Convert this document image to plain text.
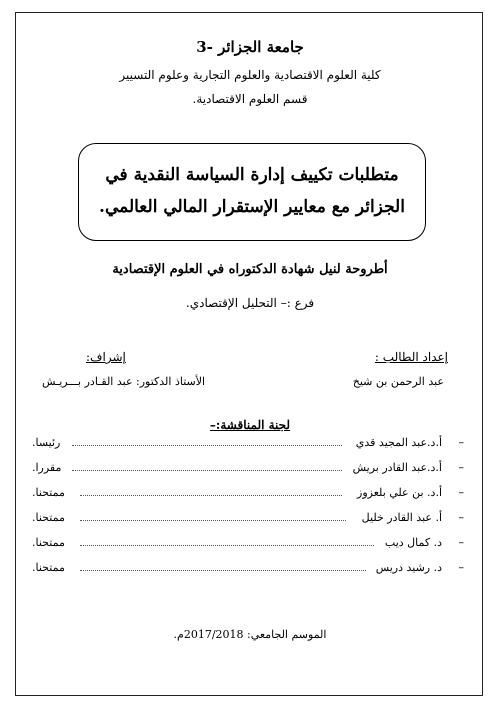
جامعة الجزائر -3
كلية العلوم الاقتصادية والعلوم التجارية وعلوم التسيير
قسم العلوم الاقتصادية.
متطلبات تكييف إدارة السياسة النقدية في
الجزائر مع معايير الإستقرار المالي العالمي.
أطروحة لنيل شهادة الدكتوراه في العلوم الإقتصادية
فرع :– التحليل الإقتصادي.
إعداد الطالب :
عبد الرحمن بن شيخ
إشراف:
الأستاذ الدكتور: عبد القـادر بـــريـش
لجنة المناقشة:–
–
أ.د.عبد المجيد قدي
رئيسا.
–
أ.د.عبد القادر بريش
مقررا.
–
أ.د. بن علي بلعزوز
ممتحنا.
–
أ. عبد القادر خليل
ممتحنا.
–
د. كمال ديب
ممتحنا.
–
د. رشيد دريس
ممتحنا.
الموسم الجامعي: 2017/2018م.
